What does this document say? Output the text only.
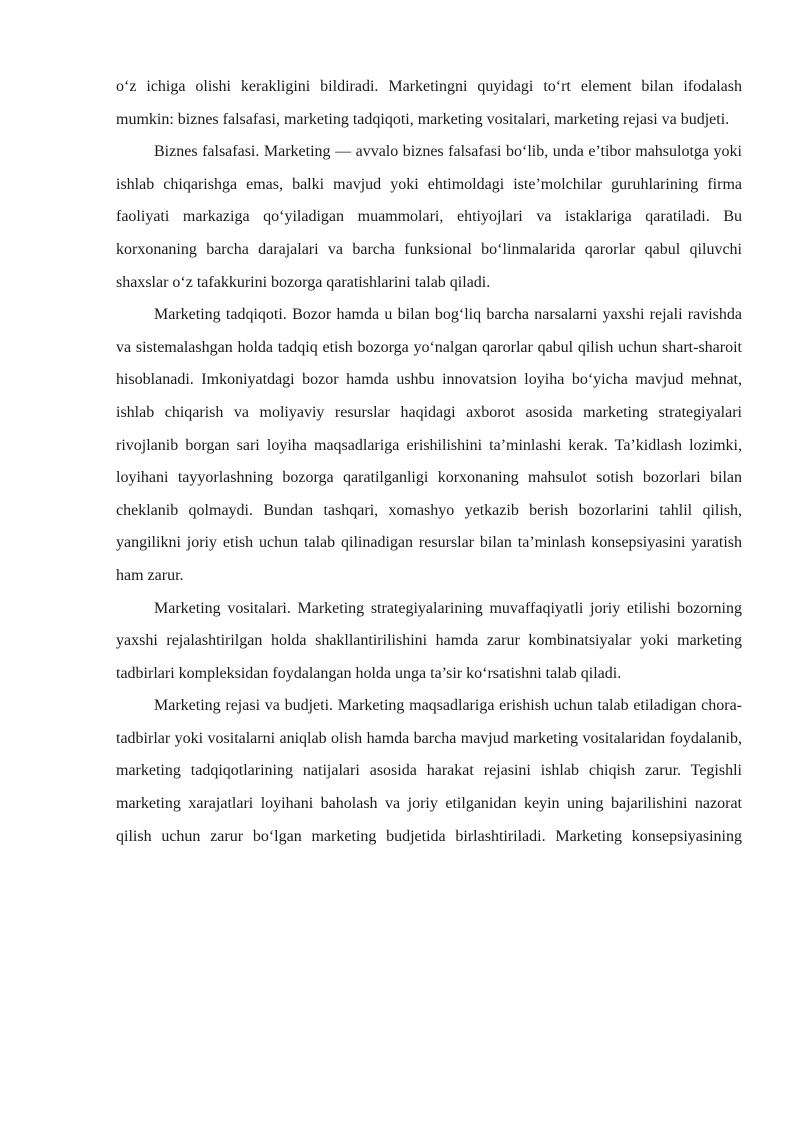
o‘z ichiga olishi kerakligini bildiradi. Marketingni quyidagi to‘rt element bilan ifodalash mumkin: biznes falsafasi, marketing tadqiqoti, marketing vositalari, marketing rejasi va budjeti.

Biznes falsafasi. Marketing — avvalo biznes falsafasi bo‘lib, unda e’tibor mahsulotga yoki ishlab chiqarishga emas, balki mavjud yoki ehtimoldagi iste’molchilar guruhlarining firma faoliyati markaziga qo‘yiladigan muammolari, ehtiyojlari va istaklariga qaratiladi. Bu korxonaning barcha darajalari va barcha funksional bo‘linmalarida qarorlar qabul qiluvchi shaxslar o‘z tafakkurini bozorga qaratishlarini talab qiladi.

Marketing tadqiqoti. Bozor hamda u bilan bog‘liq barcha narsalarni yaxshi rejali ravishda va sistemalashgan holda tadqiq etish bozorga yo‘nalgan qarorlar qabul qilish uchun shart-sharoit hisoblanadi. Imkoniyatdagi bozor hamda ushbu innovatsion loyiha bo‘yicha mavjud mehnat, ishlab chiqarish va moliyaviy resurslar haqidagi axborot asosida marketing strategiyalari rivojlanib borgan sari loyiha maqsadlariga erishilishini ta’minlashi kerak. Ta’kidlash lozimki, loyihani tayyorlashning bozorga qaratilganligi korxonaning mahsulot sotish bozorlari bilan cheklanib qolmaydi. Bundan tashqari, xomashyo yetkazib berish bozorlarini tahlil qilish, yangilikni joriy etish uchun talab qilinadigan resurslar bilan ta’minlash konsepsiyasini yaratish ham zarur.

Marketing vositalari. Marketing strategiyalarining muvaffaqiyatli joriy etilishi bozorning yaxshi rejalashtirilgan holda shakllantirilishini hamda zarur kombinatsiyalar yoki marketing tadbirlari kompleksidan foydalangan holda unga ta’sir ko‘rsatishni talab qiladi.

Marketing rejasi va budjeti. Marketing maqsadlariga erishish uchun talab etiladigan chora-tadbirlar yoki vositalarni aniqlab olish hamda barcha mavjud marketing vositalaridan foydalanib, marketing tadqiqotlarining natijalari asosida harakat rejasini ishlab chiqish zarur. Tegishli marketing xarajatlari loyihani baholash va joriy etilganidan keyin uning bajarilishini nazorat qilish uchun zarur bo‘lgan marketing budjetida birlashtiriladi. Marketing konsepsiyasining
